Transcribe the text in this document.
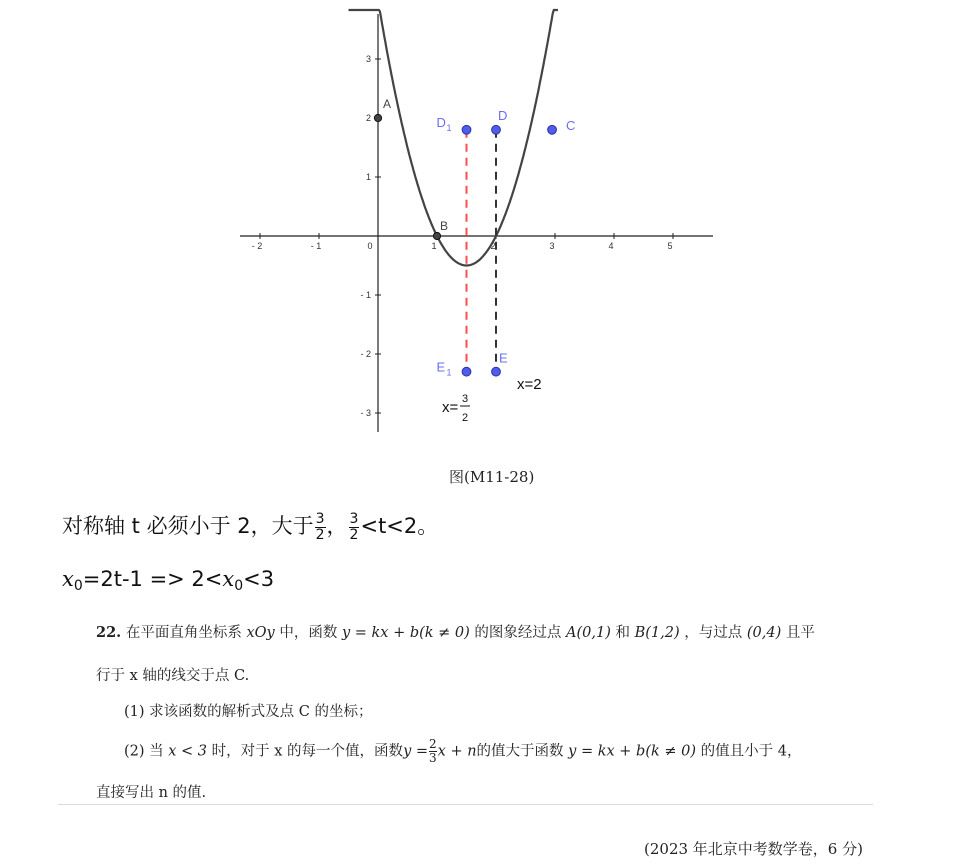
- 2	- 1	0	1	2	3	4	5
3
2
1
- 1
- 2
- 3
A
B
C
D
D 1
E
E 1
x=2
x= 3
2
图(M11-28)
对称轴 t 必须小于 2，大于 $\frac{3}{2}$ ， $\frac{3}{2} <t<2$。
$x_0=2t-1 => 2<x_0<3$
22. 在平面直角坐标系 xOy 中，函数 y = kx + b(k ≠ 0) 的图象经过点 A(0,1) 和 B(1,2) ，与过点 (0,4) 且平
行于 x 轴的线交于点 C.
(1) 求该函数的解析式及点 C 的坐标；
(2) 当 x < 3 时，对于 x 的每一个值，函数$y = \frac{2}{3}$ x + n的值大于函数 y = kx + b(k ≠ 0) 的值且小于 4，
直接写出 n 的值.
(2023 年北京中考数学卷，6 分)
